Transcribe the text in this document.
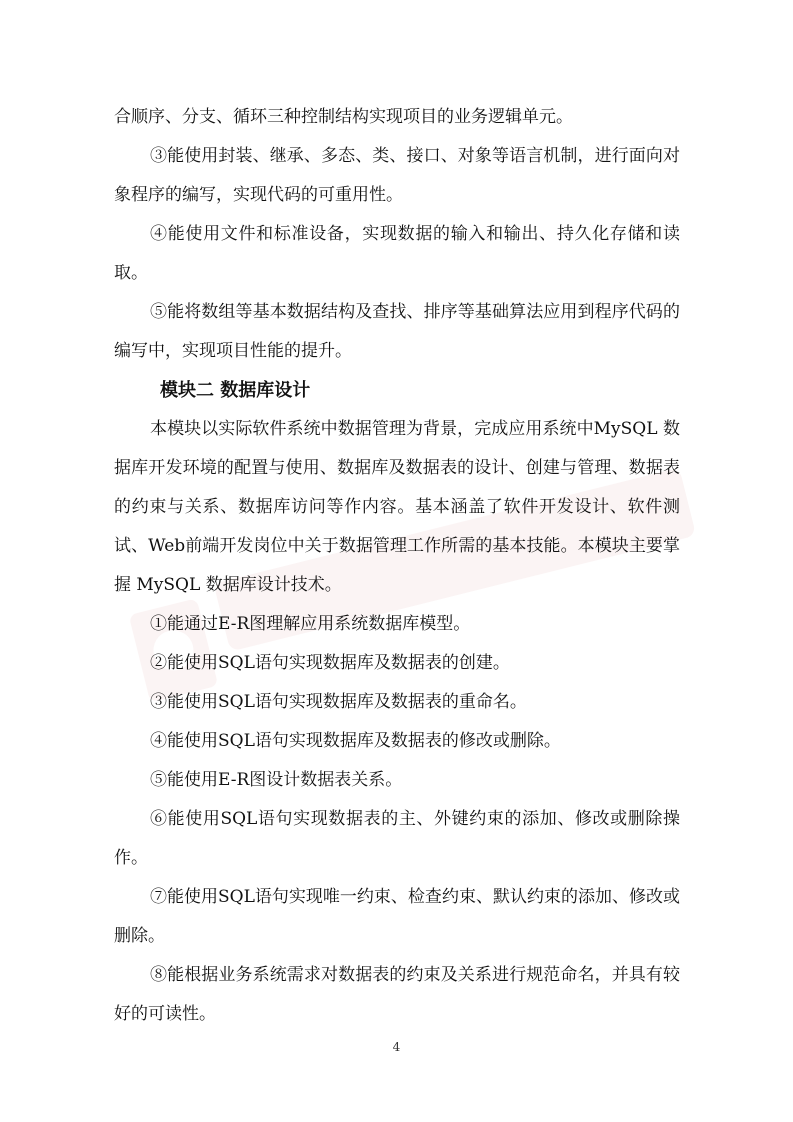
合顺序、分支、循环三种控制结构实现项目的业务逻辑单元。

③能使用封装、继承、多态、类、接口、对象等语言机制，进行面向对象程序的编写，实现代码的可重用性。

④能使用文件和标准设备，实现数据的输入和输出、持久化存储和读取。

⑤能将数组等基本数据结构及查找、排序等基础算法应用到程序代码的编写中，实现项目性能的提升。

模块二 数据库设计

本模块以实际软件系统中数据管理为背景，完成应用系统中MySQL 数据库开发环境的配置与使用、数据库及数据表的设计、创建与管理、数据表的约束与关系、数据库访问等作内容。基本涵盖了软件开发设计、软件测试、Web前端开发岗位中关于数据管理工作所需的基本技能。本模块主要掌握 MySQL 数据库设计技术。

①能通过E-R图理解应用系统数据库模型。

②能使用SQL语句实现数据库及数据表的创建。

③能使用SQL语句实现数据库及数据表的重命名。

④能使用SQL语句实现数据库及数据表的修改或删除。

⑤能使用E-R图设计数据表关系。

⑥能使用SQL语句实现数据表的主、外键约束的添加、修改或删除操作。

⑦能使用SQL语句实现唯一约束、检查约束、默认约束的添加、修改或删除。

⑧能根据业务系统需求对数据表的约束及关系进行规范命名，并具有较好的可读性。

4
